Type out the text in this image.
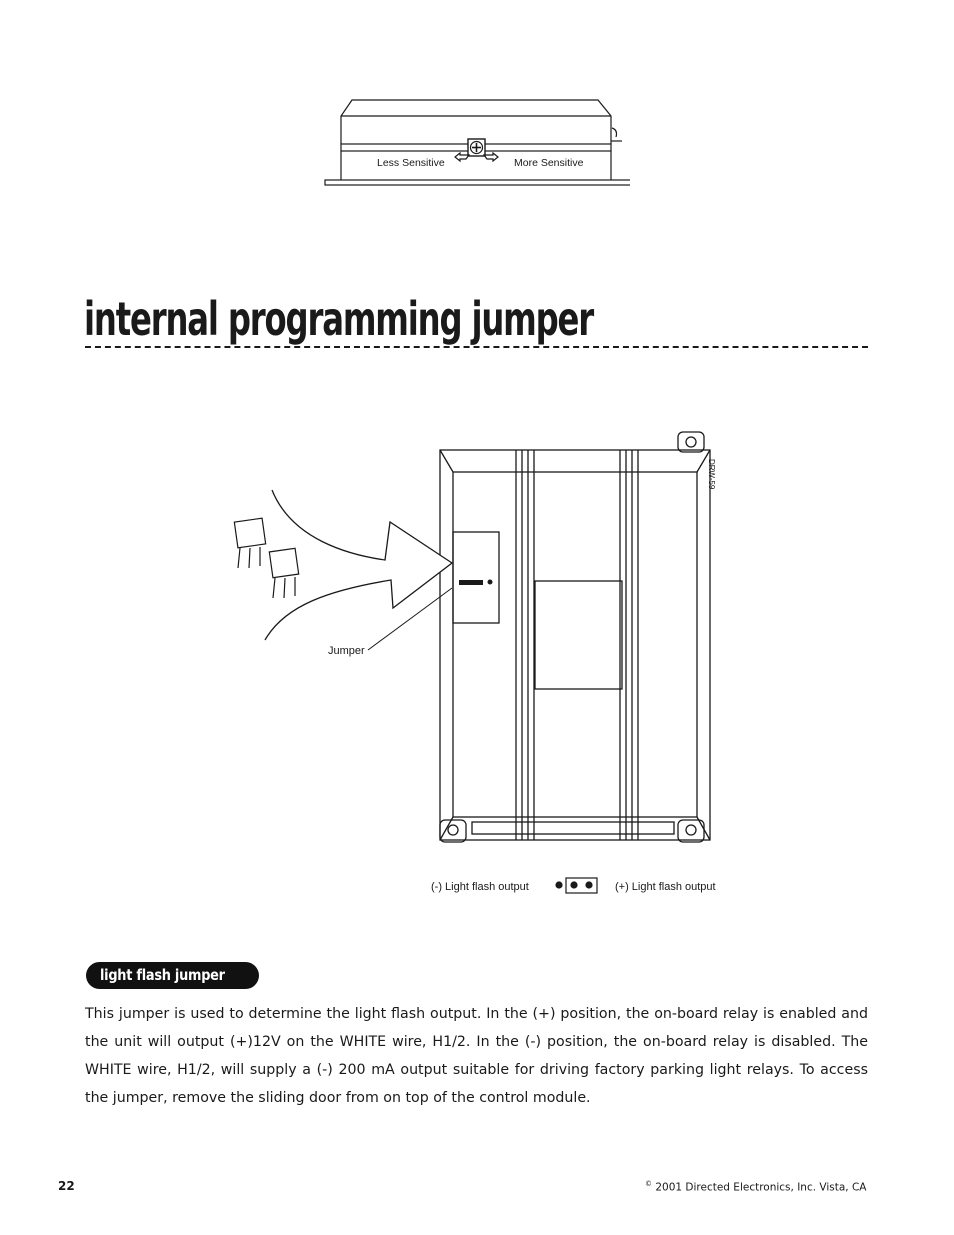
Less Sensitive	More Sensitive
internal programming jumper
Jumper
DRW-59
(-) Light flash output	(+) Light flash output
light flash jumper
This jumper is used to determine the light flash output. In the (+) position, the on-board relay is enabled and the unit will output (+)12V on the WHITE wire, H1/2. In the (-) position, the on-board relay is disabled. The WHITE wire, H1/2, will supply a (-) 200 mA output suitable for driving factory parking light relays. To access the jumper, remove the sliding door from on top of the control module.
22	© 2001 Directed Electronics, Inc. Vista, CA
